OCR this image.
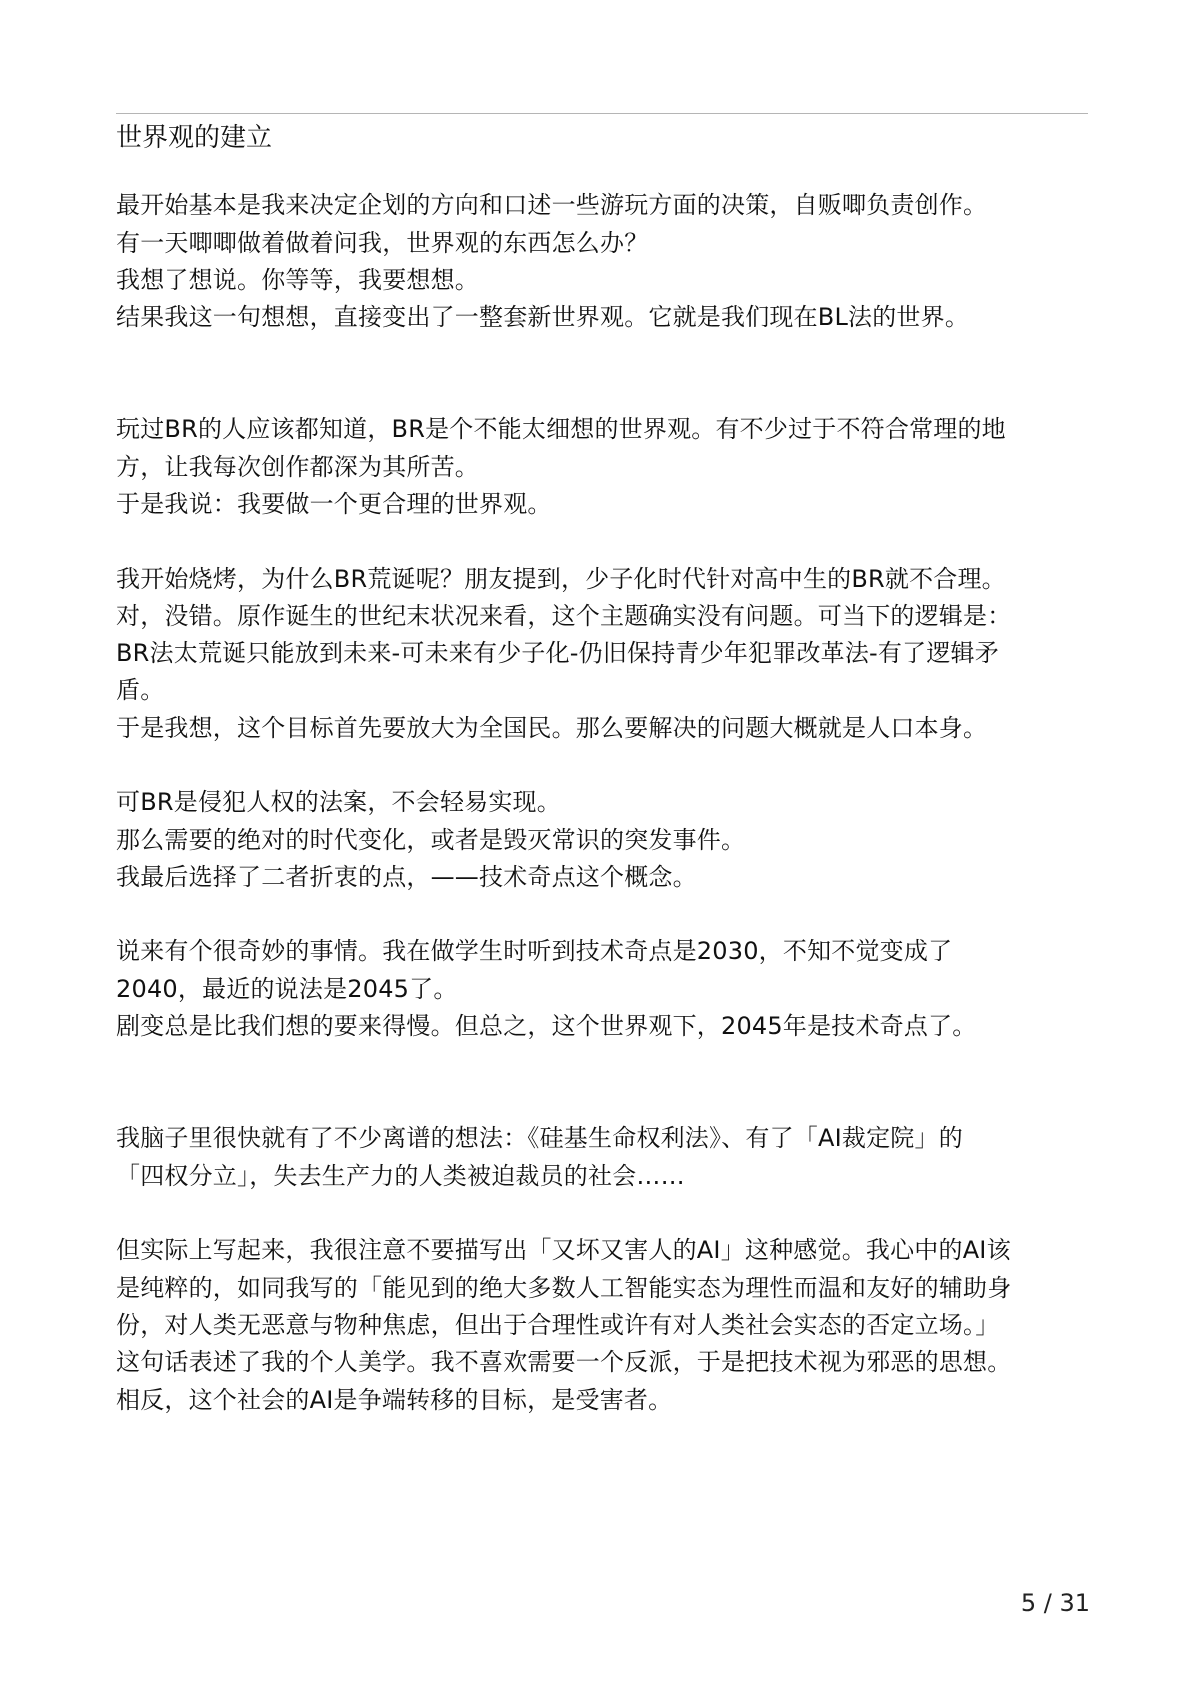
世界观的建立
最开始基本是我来决定企划的方向和口述一些游玩方面的决策，自贩唧负责创作。
有一天唧唧做着做着问我，世界观的东西怎么办？
我想了想说。你等等，我要想想。
结果我这一句想想，直接变出了一整套新世界观。它就是我们现在BL法的世界。
玩过BR的人应该都知道，BR是个不能太细想的世界观。有不少过于不符合常理的地
方，让我每次创作都深为其所苦。
于是我说：我要做一个更合理的世界观。
我开始烧烤，为什么BR荒诞呢？朋友提到，少子化时代针对高中生的BR就不合理。
对，没错。原作诞生的世纪末状况来看，这个主题确实没有问题。可当下的逻辑是：
BR法太荒诞只能放到未来-可未来有少子化-仍旧保持青少年犯罪改革法-有了逻辑矛
盾。
于是我想，这个目标首先要放大为全国民。那么要解决的问题大概就是人口本身。
可BR是侵犯人权的法案，不会轻易实现。
那么需要的绝对的时代变化，或者是毁灭常识的突发事件。
我最后选择了二者折衷的点，——技术奇点这个概念。
说来有个很奇妙的事情。我在做学生时听到技术奇点是2030，不知不觉变成了
2040，最近的说法是2045了。
剧变总是比我们想的要来得慢。但总之，这个世界观下，2045年是技术奇点了。
我脑子里很快就有了不少离谱的想法：《硅基生命权利法》、有了「AI裁定院」的
「四权分立」，失去生产力的人类被迫裁员的社会……
但实际上写起来，我很注意不要描写出「又坏又害人的AI」这种感觉。我心中的AI该
是纯粹的，如同我写的「能见到的绝大多数人工智能实态为理性而温和友好的辅助身
份，对人类无恶意与物种焦虑，但出于合理性或许有对人类社会实态的否定立场。」
这句话表述了我的个人美学。我不喜欢需要一个反派，于是把技术视为邪恶的思想。
相反，这个社会的AI是争端转移的目标，是受害者。
5 / 31
